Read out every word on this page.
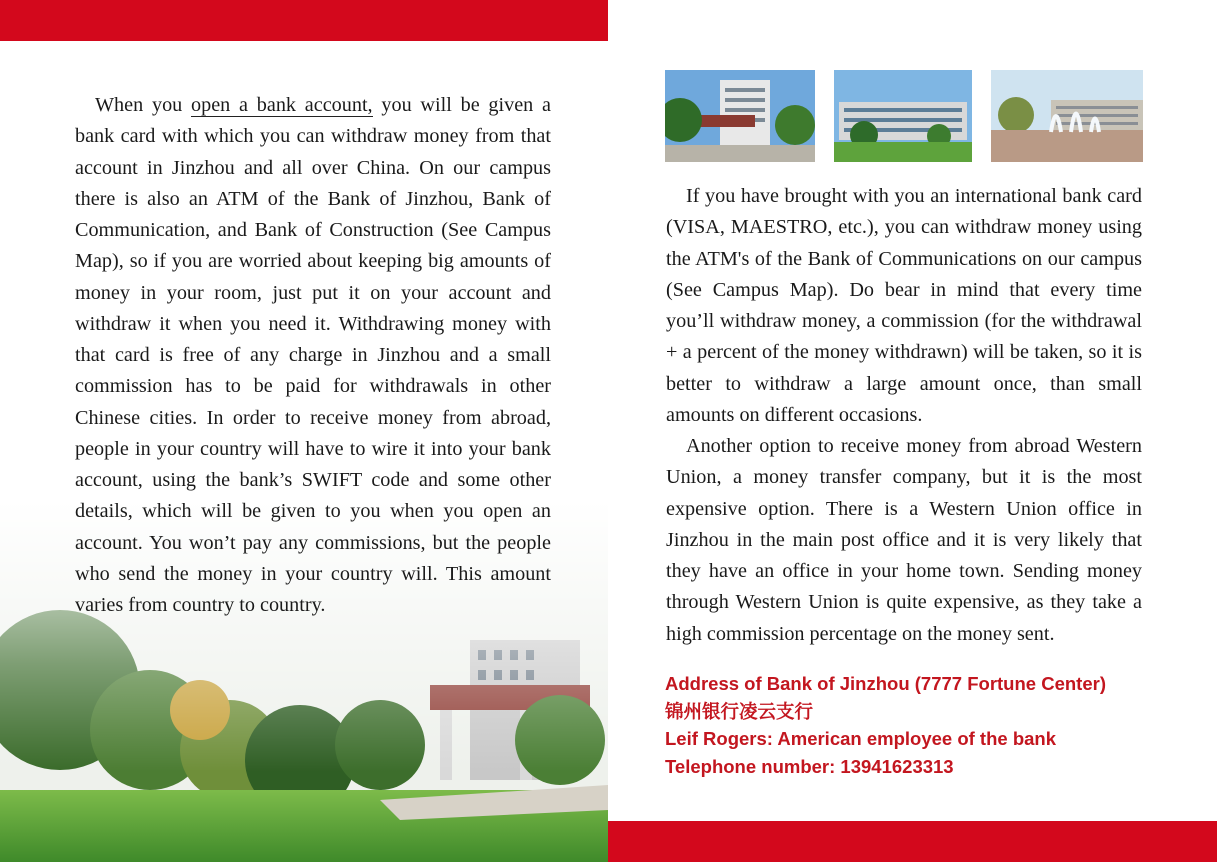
When you open a bank account, you will be given a bank card with which you can withdraw money from that account in Jinzhou and all over China. On our campus there is also an ATM of the Bank of Jinzhou, Bank of Communication, and Bank of Construction (See Campus Map), so if you are worried about keeping big amounts of money in your room, just put it on your account and withdraw it when you need it. Withdrawing money with that card is free of any charge in Jinzhou and a small commission has to be paid for withdrawals in other Chinese cities. In order to receive money from abroad, people in your country will have to wire it into your bank account, using the bank’s SWIFT code and some other details, which will be given to you when you open an account. You won’t pay any commissions, but the people who send the money in your country will. This amount varies from country to country.

If you have brought with you an international bank card (VISA, MAESTRO, etc.), you can withdraw money using the ATM's of the Bank of Communications on our campus (See Campus Map). Do bear in mind that every time you’ll withdraw money, a commission (for the withdrawal + a percent of the money withdrawn) will be taken, so it is better to withdraw a large amount once, than small amounts on different occasions.

Another option to receive money from abroad Western Union, a money transfer company, but it is the most expensive option. There is a Western Union office in Jinzhou in the main post office and it is very likely that they have an office in your home town. Sending money through Western Union is quite expensive, as they take a high commission percentage on the money sent.

Address of Bank of Jinzhou (7777 Fortune Center)
锦州银行凌云支行
Leif Rogers: American employee of the bank
Telephone number: 13941623313
